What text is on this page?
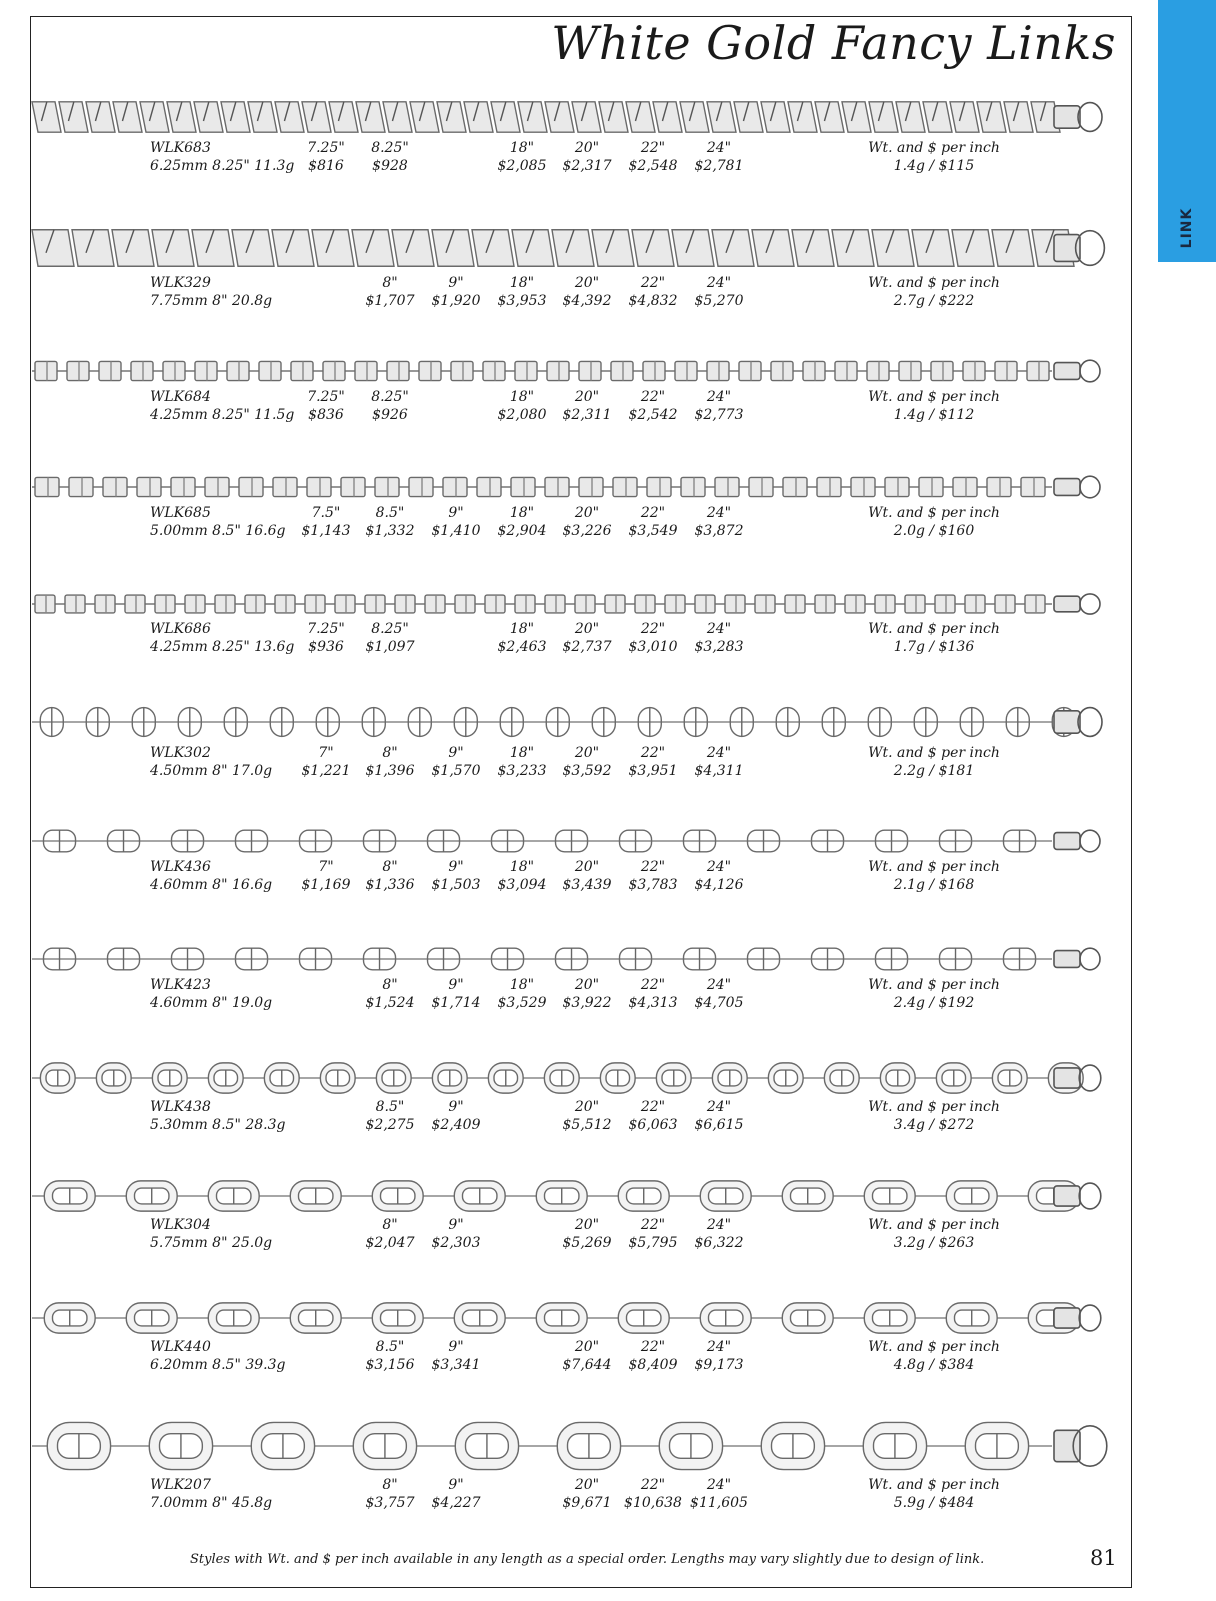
White Gold Fancy Links
LINK
WLK683
6.25mm 8.25" 11.3g
7.25"
$816
8.25"
$928
18"
$2,085
20"
$2,317
22"
$2,548
24"
$2,781
Wt. and $ per inch
1.4g / $115
WLK329
7.75mm 8" 20.8g
8"
$1,707
9"
$1,920
18"
$3,953
20"
$4,392
22"
$4,832
24"
$5,270
Wt. and $ per inch
2.7g / $222
WLK684
4.25mm 8.25" 11.5g
7.25"
$836
8.25"
$926
18"
$2,080
20"
$2,311
22"
$2,542
24"
$2,773
Wt. and $ per inch
1.4g / $112
WLK685
5.00mm 8.5" 16.6g
7.5"
$1,143
8.5"
$1,332
9"
$1,410
18"
$2,904
20"
$3,226
22"
$3,549
24"
$3,872
Wt. and $ per inch
2.0g / $160
WLK686
4.25mm 8.25" 13.6g
7.25"
$936
8.25"
$1,097
18"
$2,463
20"
$2,737
22"
$3,010
24"
$3,283
Wt. and $ per inch
1.7g / $136
WLK302
4.50mm 8" 17.0g
7"
$1,221
8"
$1,396
9"
$1,570
18"
$3,233
20"
$3,592
22"
$3,951
24"
$4,311
Wt. and $ per inch
2.2g / $181
WLK436
4.60mm 8" 16.6g
7"
$1,169
8"
$1,336
9"
$1,503
18"
$3,094
20"
$3,439
22"
$3,783
24"
$4,126
Wt. and $ per inch
2.1g / $168
WLK423
4.60mm 8" 19.0g
8"
$1,524
9"
$1,714
18"
$3,529
20"
$3,922
22"
$4,313
24"
$4,705
Wt. and $ per inch
2.4g / $192
WLK438
5.30mm 8.5" 28.3g
8.5"
$2,275
9"
$2,409
20"
$5,512
22"
$6,063
24"
$6,615
Wt. and $ per inch
3.4g / $272
WLK304
5.75mm 8" 25.0g
8"
$2,047
9"
$2,303
20"
$5,269
22"
$5,795
24"
$6,322
Wt. and $ per inch
3.2g / $263
WLK440
6.20mm 8.5" 39.3g
8.5"
$3,156
9"
$3,341
20"
$7,644
22"
$8,409
24"
$9,173
Wt. and $ per inch
4.8g / $384
WLK207
7.00mm 8" 45.8g
8"
$3,757
9"
$4,227
20"
$9,671
22"
$10,638
24"
$11,605
Wt. and $ per inch
5.9g / $484
Styles with Wt. and $ per inch available in any length as a special order. Lengths may vary slightly due to design of link.	81
